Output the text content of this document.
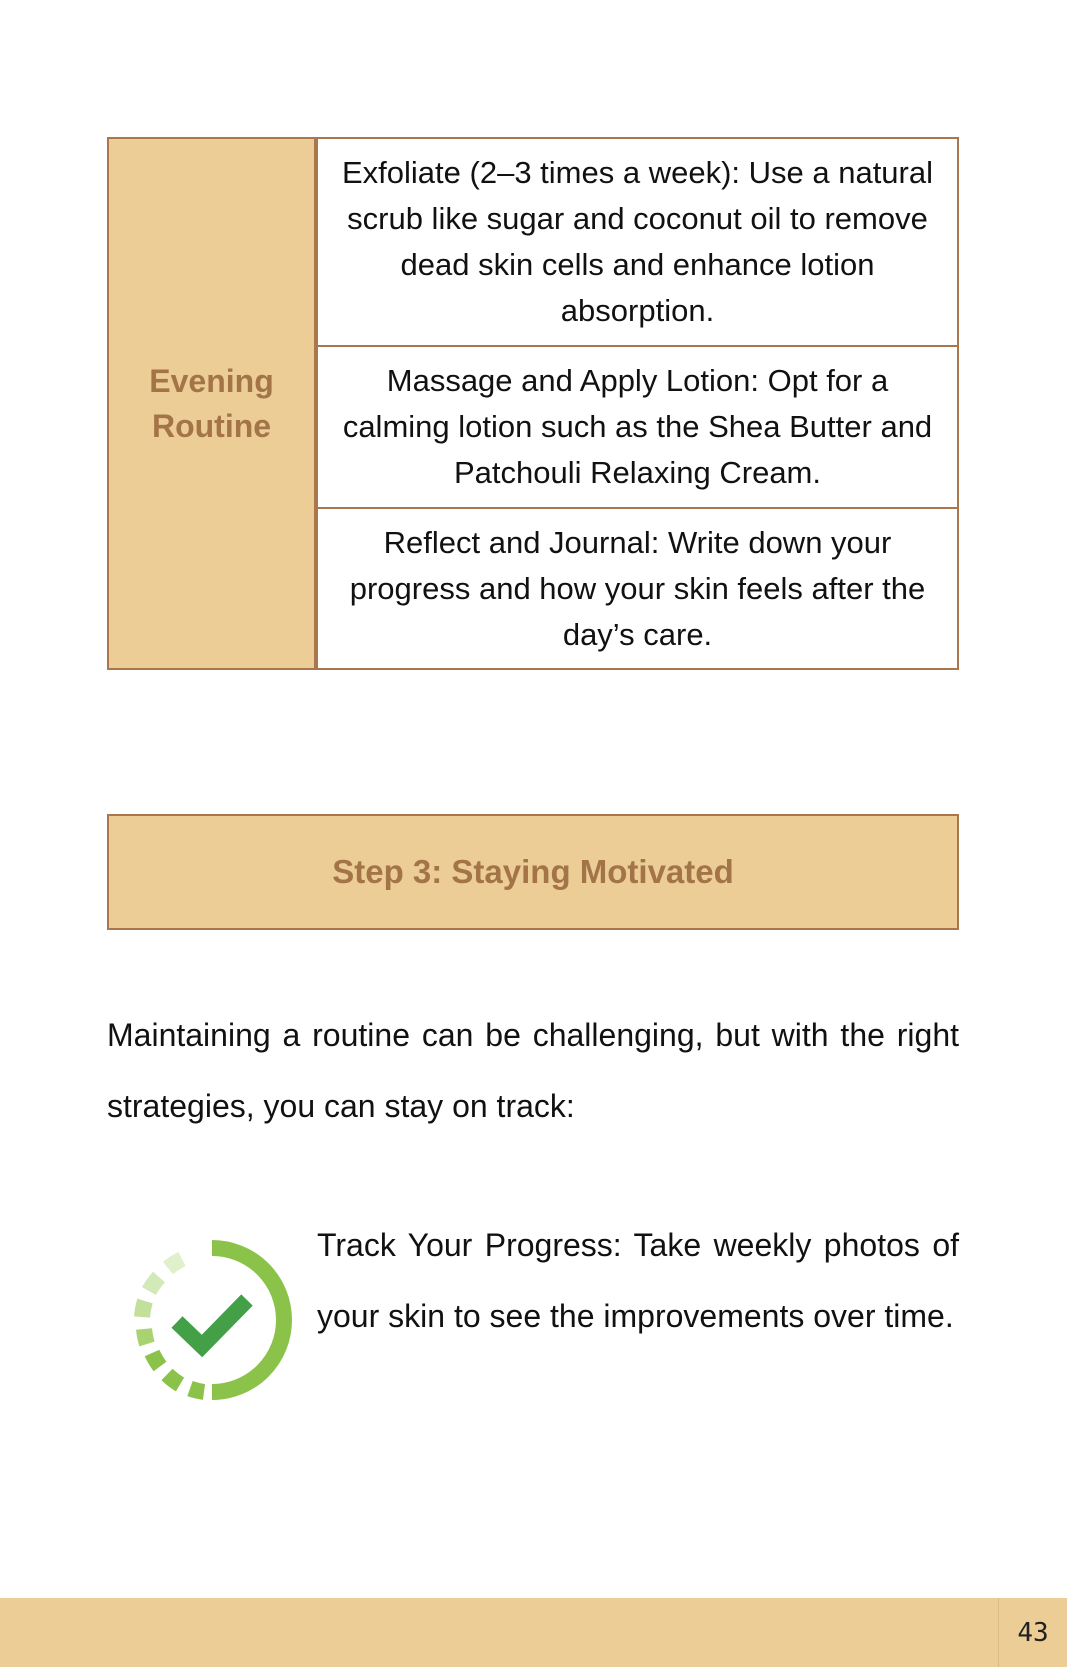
Evening Routine
Exfoliate (2–3 times a week): Use a natural scrub like sugar and coconut oil to remove dead skin cells and enhance lotion absorption.
Massage and Apply Lotion: Opt for a calming lotion such as the Shea Butter and Patchouli Relaxing Cream.
Reflect and Journal: Write down your progress and how your skin feels after the day’s care.
Step 3: Staying Motivated

Maintaining a routine can be challenging, but with the right strategies, you can stay on track:

Track Your Progress: Take weekly photos of your skin to see the improvements over time.

43
